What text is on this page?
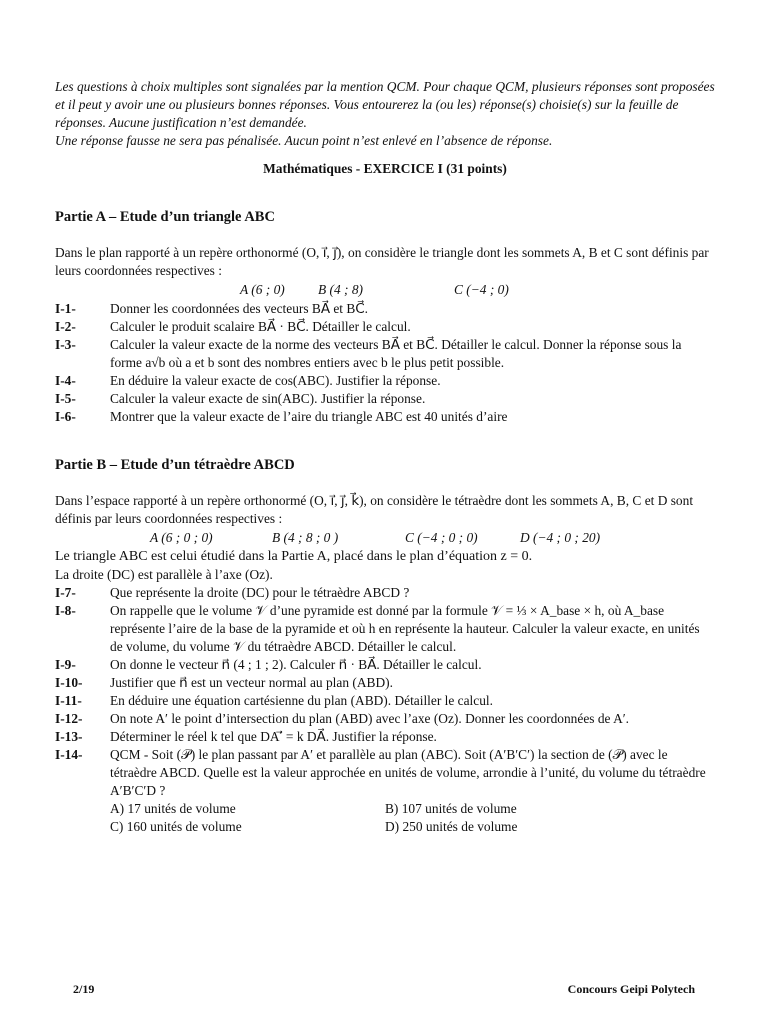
Les questions à choix multiples sont signalées par la mention QCM. Pour chaque QCM, plusieurs réponses sont proposées et il peut y avoir une ou plusieurs bonnes réponses. Vous entourerez la (ou les) réponse(s) choisie(s) sur la feuille de réponses. Aucune justification n’est demandée.
Une réponse fausse ne sera pas pénalisée. Aucun point n’est enlevé en l’absence de réponse.
Mathématiques - EXERCICE I (31 points)
Partie A – Etude d’un triangle ABC

Dans le plan rapporté à un repère orthonormé (O, i⃗, j⃗), on considère le triangle dont les sommets A, B et C sont définis par leurs coordonnées respectives :

A (6 ; 0)	B (4 ; 8)	C (−4 ; 0)
I-1-	Donner les coordonnées des vecteurs BA⃗ et BC⃗.
I-2-	Calculer le produit scalaire BA⃗ · BC⃗. Détailler le calcul.
I-3-	Calculer la valeur exacte de la norme des vecteurs BA⃗ et BC⃗. Détailler le calcul. Donner la réponse sous la forme a√b où a et b sont des nombres entiers avec b le plus petit possible.
I-4-	En déduire la valeur exacte de cos(ABC). Justifier la réponse.
I-5-	Calculer la valeur exacte de sin(ABC). Justifier la réponse.
I-6-	Montrer que la valeur exacte de l’aire du triangle ABC est 40 unités d’aire
Partie B – Etude d’un tétraèdre ABCD

Dans l’espace rapporté à un repère orthonormé (O, i⃗, j⃗, k⃗), on considère le tétraèdre dont les sommets A, B, C et D sont définis par leurs coordonnées respectives :

A (6 ; 0 ; 0)	B (4 ; 8 ; 0 )	C (−4 ; 0 ; 0)	D (−4 ; 0 ; 20)

Le triangle ABC est celui étudié dans la Partie A, placé dans le plan d’équation z = 0.

La droite (DC) est parallèle à l’axe (Oz).

I-7-	Que représente la droite (DC) pour le tétraèdre ABCD ?
I-8-	On rappelle que le volume 𝒱 d’une pyramide est donné par la formule 𝒱 = ⅓ × A_base × h, où A_base représente l’aire de la base de la pyramide et où h en représente la hauteur. Calculer la valeur exacte, en unités de volume, du volume 𝒱 du tétraèdre ABCD. Détailler le calcul.
I-9-	On donne le vecteur n⃗ (4 ; 1 ; 2). Calculer n⃗ · BA⃗. Détailler le calcul.
I-10-	Justifier que n⃗ est un vecteur normal au plan (ABD).
I-11-	En déduire une équation cartésienne du plan (ABD). Détailler le calcul.
I-12-	On note A′ le point d’intersection du plan (ABD) avec l’axe (Oz). Donner les coordonnées de A′.
I-13-	Déterminer le réel k tel que DA′⃗ = k DA⃗. Justifier la réponse.
I-14-	QCM - Soit (𝒫) le plan passant par A′ et parallèle au plan (ABC). Soit (A′B′C′) la section de (𝒫) avec le tétraèdre ABCD. Quelle est la valeur approchée en unités de volume, arrondie à l’unité, du volume du tétraèdre A′B′C′D ?
A) 17 unités de volume	B) 107 unités de volume
C) 160 unités de volume	D) 250 unités de volume
2/19	Concours Geipi Polytech
